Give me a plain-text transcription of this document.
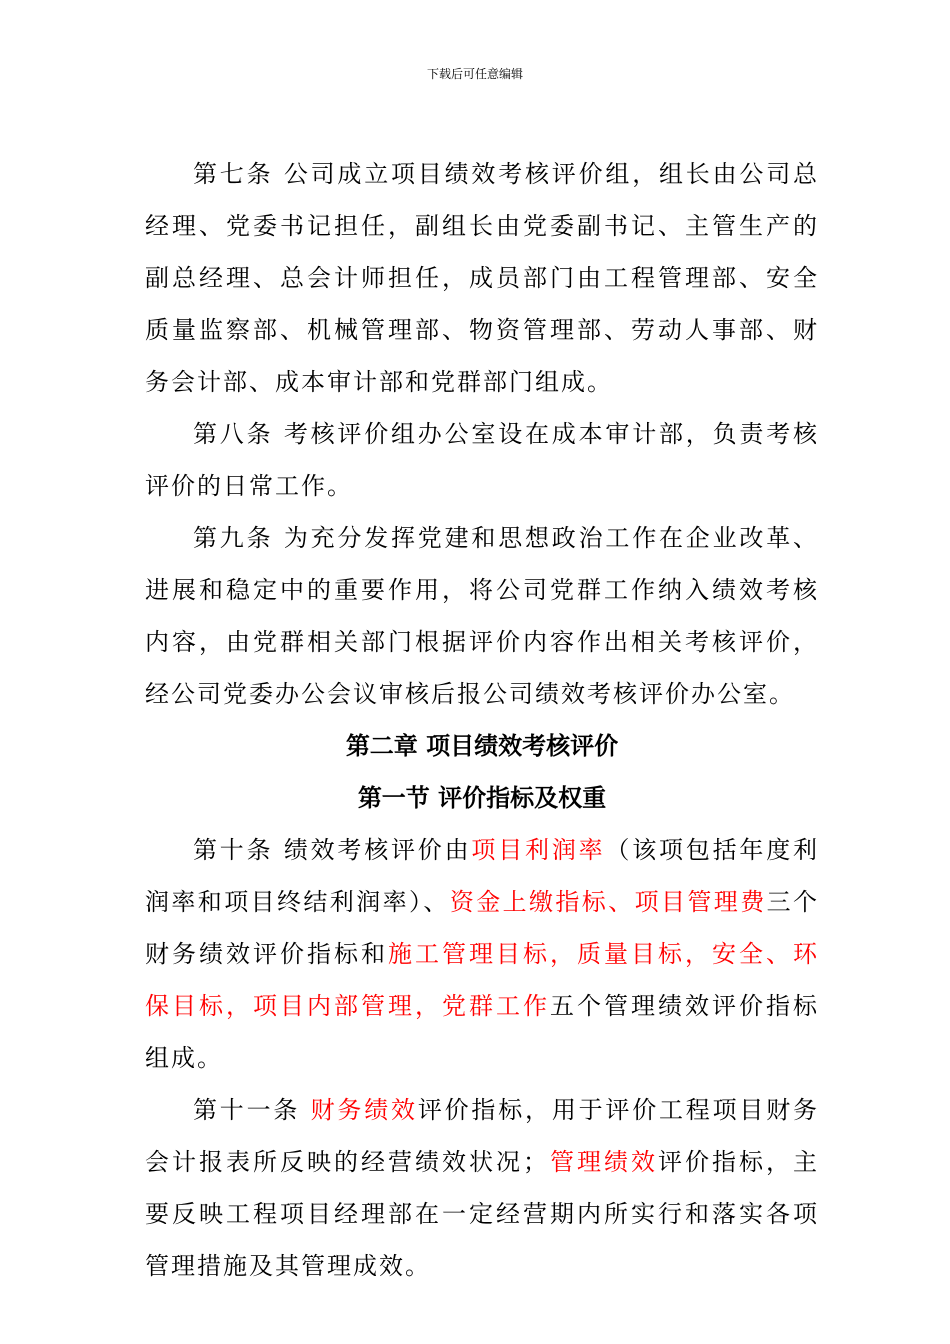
下载后可任意编辑

第七条 公司成立项目绩效考核评价组，组长由公司总经理、党委书记担任，副组长由党委副书记、主管生产的副总经理、总会计师担任，成员部门由工程管理部、安全质量监察部、机械管理部、物资管理部、劳动人事部、财务会计部、成本审计部和党群部门组成。

第八条 考核评价组办公室设在成本审计部，负责考核评价的日常工作。

第九条 为充分发挥党建和思想政治工作在企业改革、进展和稳定中的重要作用，将公司党群工作纳入绩效考核内容，由党群相关部门根据评价内容作出相关考核评价，经公司党委办公会议审核后报公司绩效考核评价办公室。

第二章 项目绩效考核评价

第一节 评价指标及权重

第十条 绩效考核评价由项目利润率（该项包括年度利润率和项目终结利润率）、资金上缴指标、项目管理费三个财务绩效评价指标和施工管理目标，质量目标，安全、环保目标，项目内部管理，党群工作五个管理绩效评价指标组成。

第十一条 财务绩效评价指标，用于评价工程项目财务会计报表所反映的经营绩效状况；管理绩效评价指标，主要反映工程项目经理部在一定经营期内所实行和落实各项管理措施及其管理成效。
